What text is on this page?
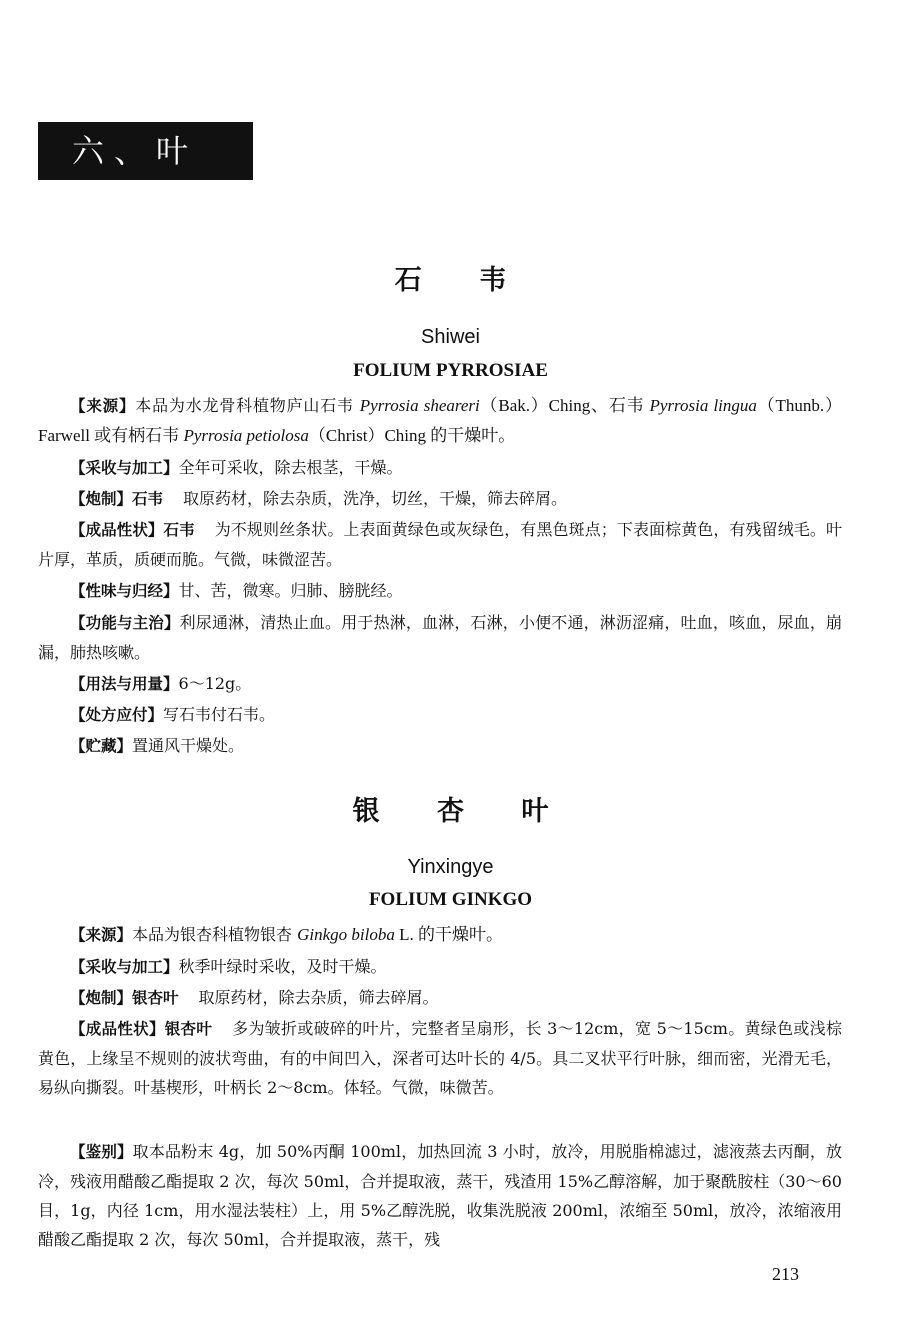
六、叶 类
石 韦
Shiwei
FOLIUM PYRROSIAE

【来源】本品为水龙骨科植物庐山石韦 Pyrrosia sheareri（Bak.）Ching、石韦 Pyrrosia lingua（Thunb.）Farwell 或有柄石韦 Pyrrosia petiolosa（Christ）Ching 的干燥叶。

【采收与加工】全年可采收，除去根茎，干燥。

【炮制】石韦 取原药材，除去杂质，洗净，切丝，干燥，筛去碎屑。

【成品性状】石韦 为不规则丝条状。上表面黄绿色或灰绿色，有黑色斑点；下表面棕黄色，有残留绒毛。叶片厚，革质，质硬而脆。气微，味微涩苦。

【性味与归经】甘、苦，微寒。归肺、膀胱经。

【功能与主治】利尿通淋，清热止血。用于热淋，血淋，石淋，小便不通，淋沥涩痛，吐血，咳血，尿血，崩漏，肺热咳嗽。

【用法与用量】6～12g。

【处方应付】写石韦付石韦。

【贮藏】置通风干燥处。

银 杏 叶
Yinxingye
FOLIUM GINKGO

【来源】本品为银杏科植物银杏 Ginkgo biloba L. 的干燥叶。

【采收与加工】秋季叶绿时采收，及时干燥。

【炮制】银杏叶 取原药材，除去杂质，筛去碎屑。

【成品性状】银杏叶 多为皱折或破碎的叶片，完整者呈扇形，长 3～12cm，宽 5～15cm。黄绿色或浅棕黄色，上缘呈不规则的波状弯曲，有的中间凹入，深者可达叶长的 4/5。具二叉状平行叶脉，细而密，光滑无毛，易纵向撕裂。叶基楔形，叶柄长 2～8cm。体轻。气微，味微苦。

【鉴别】取本品粉末 4g，加 50%丙酮 100ml，加热回流 3 小时，放冷，用脱脂棉滤过，滤液蒸去丙酮，放冷，残液用醋酸乙酯提取 2 次，每次 50ml，合并提取液，蒸干，残渣用 15%乙醇溶解，加于聚酰胺柱（30～60 目，1g，内径 1cm，用水湿法装柱）上，用 5%乙醇洗脱，收集洗脱液 200ml，浓缩至 50ml，放冷，浓缩液用醋酸乙酯提取 2 次，每次 50ml，合并提取液，蒸干，残

213
